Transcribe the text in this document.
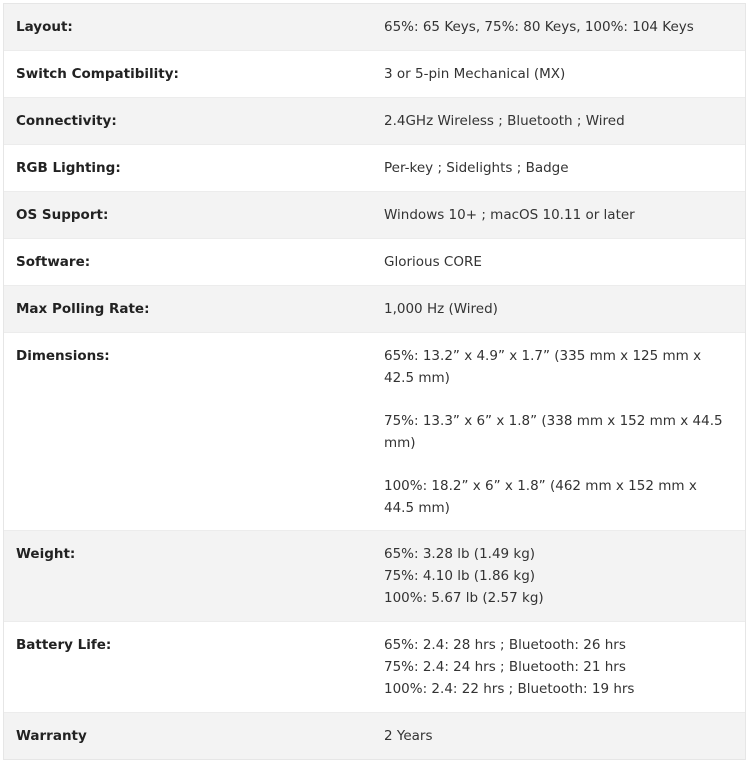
Layout:	65%: 65 Keys, 75%: 80 Keys, 100%: 104 Keys

Switch Compatibility:	3 or 5-pin Mechanical (MX)

Connectivity:	2.4GHz Wireless ; Bluetooth ; Wired

RGB Lighting:	Per-key ; Sidelights ; Badge

OS Support:	Windows 10+ ; macOS 10.11 or later

Software:	Glorious CORE

Max Polling Rate:	1,000 Hz (Wired)

Dimensions:	65%: 13.2” x 4.9” x 1.7” (335 mm x 125 mm x 42.5 mm)

75%: 13.3” x 6” x 1.8” (338 mm x 152 mm x 44.5 mm)

100%: 18.2” x 6” x 1.8” (462 mm x 152 mm x 44.5 mm)

Weight:	65%: 3.28 lb (1.49 kg)

75%: 4.10 lb (1.86 kg)

100%: 5.67 lb (2.57 kg)

Battery Life:	65%: 2.4: 28 hrs ; Bluetooth: 26 hrs

75%: 2.4: 24 hrs ; Bluetooth: 21 hrs

100%: 2.4: 22 hrs ; Bluetooth: 19 hrs

Warranty	2 Years
